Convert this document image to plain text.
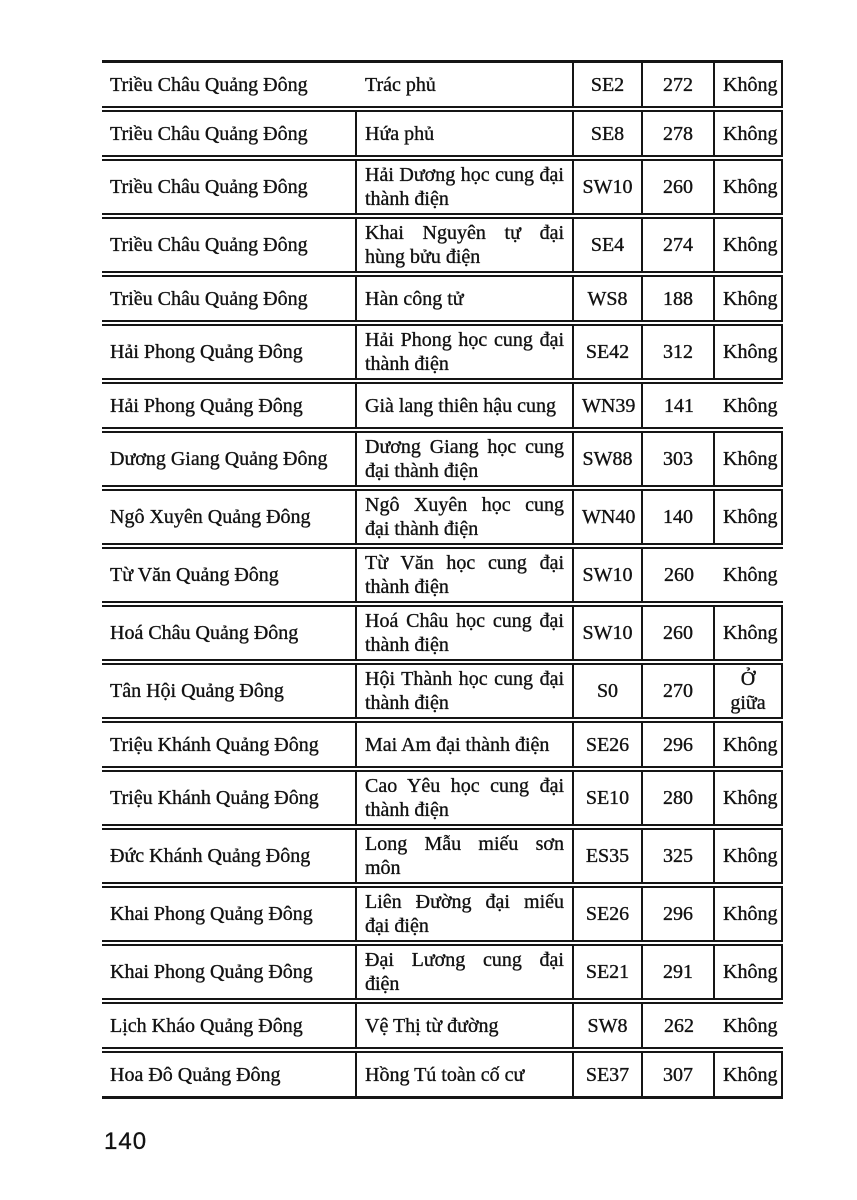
Triều Châu Quảng Đông	Trác phủ	SE2	272	Không
Triều Châu Quảng Đông	Hứa phủ	SE8	278	Không
Triều Châu Quảng Đông	Hải Dương học cung đại thành điện	SW10	260	Không
Triều Châu Quảng Đông	Khai Nguyên tự đại hùng bửu điện	SE4	274	Không
Triều Châu Quảng Đông	Hàn công tử	WS8	188	Không
Hải Phong Quảng Đông	Hải Phong học cung đại thành điện	SE42	312	Không
Hải Phong Quảng Đông	Già lang thiên hậu cung	WN39	141	Không
Dương Giang Quảng Đông	Dương Giang học cung đại thành điện	SW88	303	Không
Ngô Xuyên Quảng Đông	Ngô Xuyên học cung đại thành điện	WN40	140	Không
Từ Văn Quảng Đông	Từ Văn học cung đại thành điện	SW10	260	Không
Hoá Châu Quảng Đông	Hoá Châu học cung đại thành điện	SW10	260	Không
Tân Hội Quảng Đông	Hội Thành học cung đại thành điện	S0	270	Ở giữa
Triệu Khánh Quảng Đông	Mai Am đại thành điện	SE26	296	Không
Triệu Khánh Quảng Đông	Cao Yêu học cung đại thành điện	SE10	280	Không
Đức Khánh Quảng Đông	Long Mẫu miếu sơn môn	ES35	325	Không
Khai Phong Quảng Đông	Liên Đường đại miếu đại điện	SE26	296	Không
Khai Phong Quảng Đông	Đại Lương cung đại điện	SE21	291	Không
Lịch Kháo Quảng Đông	Vệ Thị từ đường	SW8	262	Không
Hoa Đô Quảng Đông	Hồng Tú toàn cố cư	SE37	307	Không
140
